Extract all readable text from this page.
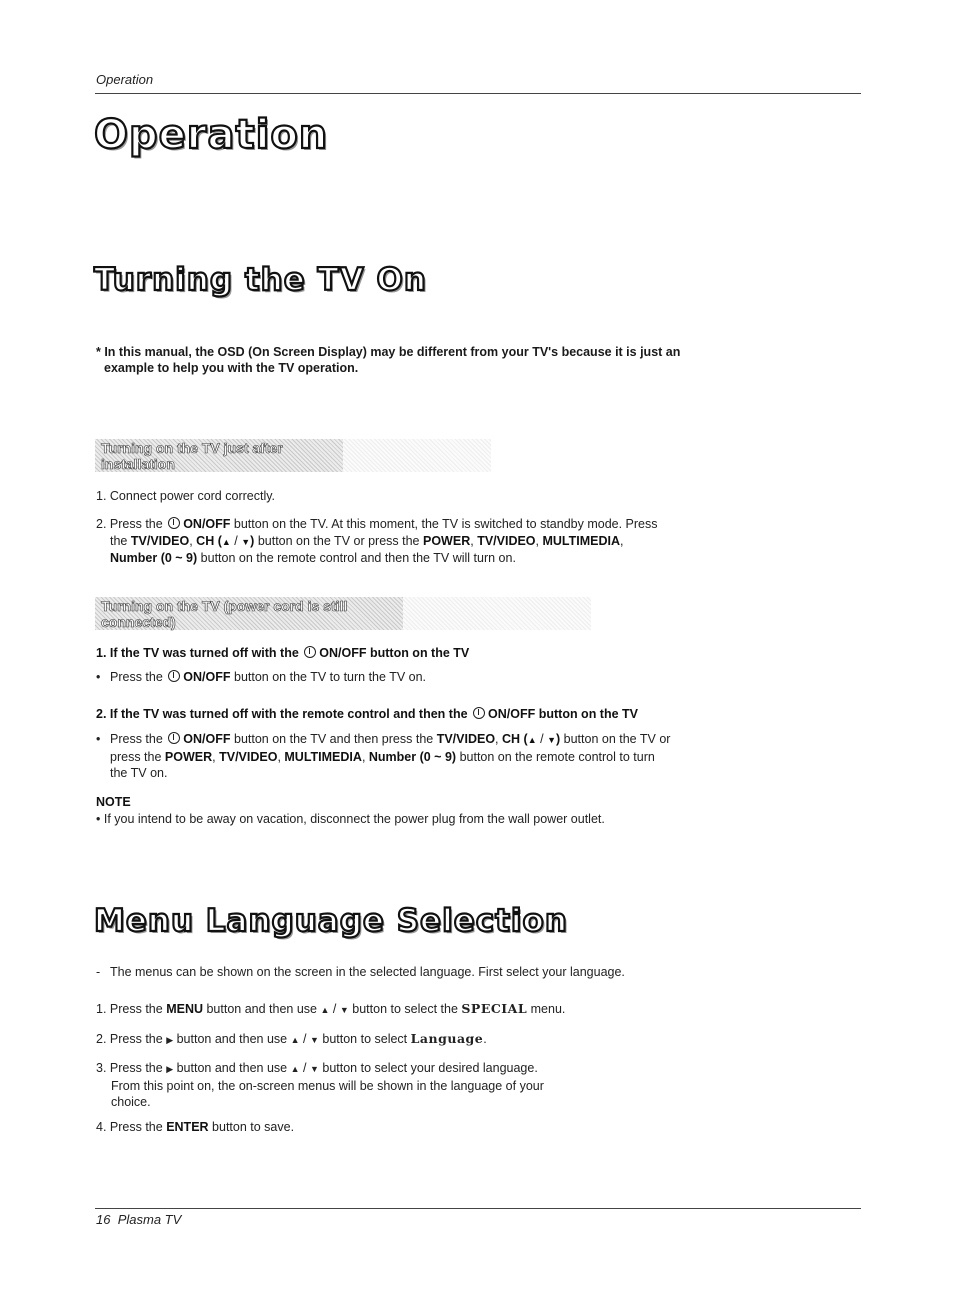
Operation
Operation
Turning the TV On
* In this manual, the OSD (On Screen Display) may be different from your TV's because it is just an
example to help you with the TV operation.
Turning on the TV just after installation
1. Connect power cord correctly.
2. Press the ON/OFF button on the TV. At this moment, the TV is switched to standby mode. Press
the TV/VIDEO, CH (▲ / ▼) button on the TV or press the POWER, TV/VIDEO, MULTIMEDIA,
Number (0 ~ 9) button on the remote control and then the TV will turn on.
Turning on the TV (power cord is still connected)
1. If the TV was turned off with the ON/OFF button on the TV
• Press the ON/OFF button on the TV to turn the TV on.
2. If the TV was turned off with the remote control and then the ON/OFF button on the TV
• Press the ON/OFF button on the TV and then press the TV/VIDEO, CH (▲ / ▼) button on the TV or
press the POWER, TV/VIDEO, MULTIMEDIA, Number (0 ~ 9) button on the remote control to turn
the TV on.
NOTE
• If you intend to be away on vacation, disconnect the power plug from the wall power outlet.
Menu Language Selection
- The menus can be shown on the screen in the selected language. First select your language.
1. Press the MENU button and then use ▲ / ▼ button to select the SPECIAL menu.
2. Press the ▶ button and then use ▲ / ▼ button to select Language.
3. Press the ▶ button and then use ▲ / ▼ button to select your desired language.
From this point on, the on-screen menus will be shown in the language of your
choice.
4. Press the ENTER button to save.
16 Plasma TV
